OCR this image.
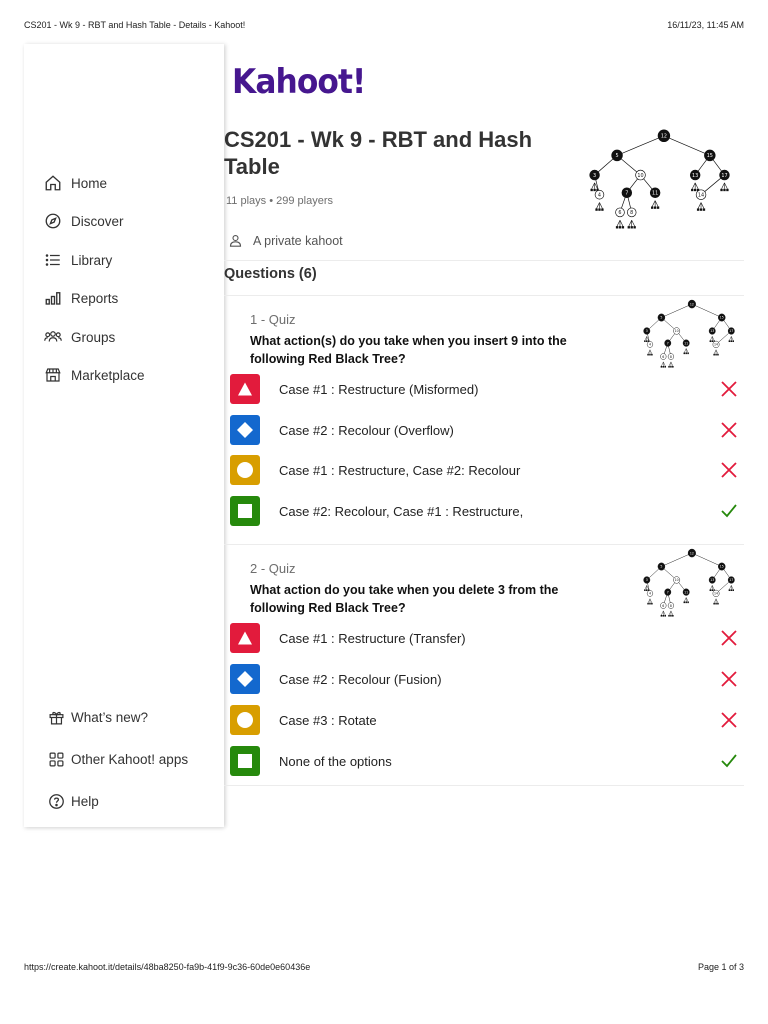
CS201 - Wk 9 - RBT and Hash Table - Details - Kahoot!	16/11/23, 11:45 AM
Home
Discover
Library
Reports
Groups
Marketplace
What’s new?
Other Kahoot! apps
Help
Kahoot!
CS201 - Wk 9 - RBT and Hash Table
11 plays • 299 players
A private kahoot
12
5	15
3	10	13	17
7	11	14
4
6 8
Questions (6)
1 - Quiz
What action(s) do you take when you insert 9 into the following Red Black Tree?
12
5	15
3	10	13	17
7	11	14
4
6 8
Case #1 : Restructure (Misformed)
Case #2 : Recolour (Overflow)
Case #1 : Restructure, Case #2: Recolour
Case #2: Recolour, Case #1 : Restructure,
2 - Quiz
What action do you take when you delete 3 from the following Red Black Tree?
12
5	15
3	10	13	17
7	11	14
4
6 8
Case #1 : Restructure (Transfer)
Case #2 : Recolour (Fusion)
Case #3 : Rotate
None of the options
https://create.kahoot.it/details/48ba8250-fa9b-41f9-9c36-60de0e60436e	Page 1 of 3
